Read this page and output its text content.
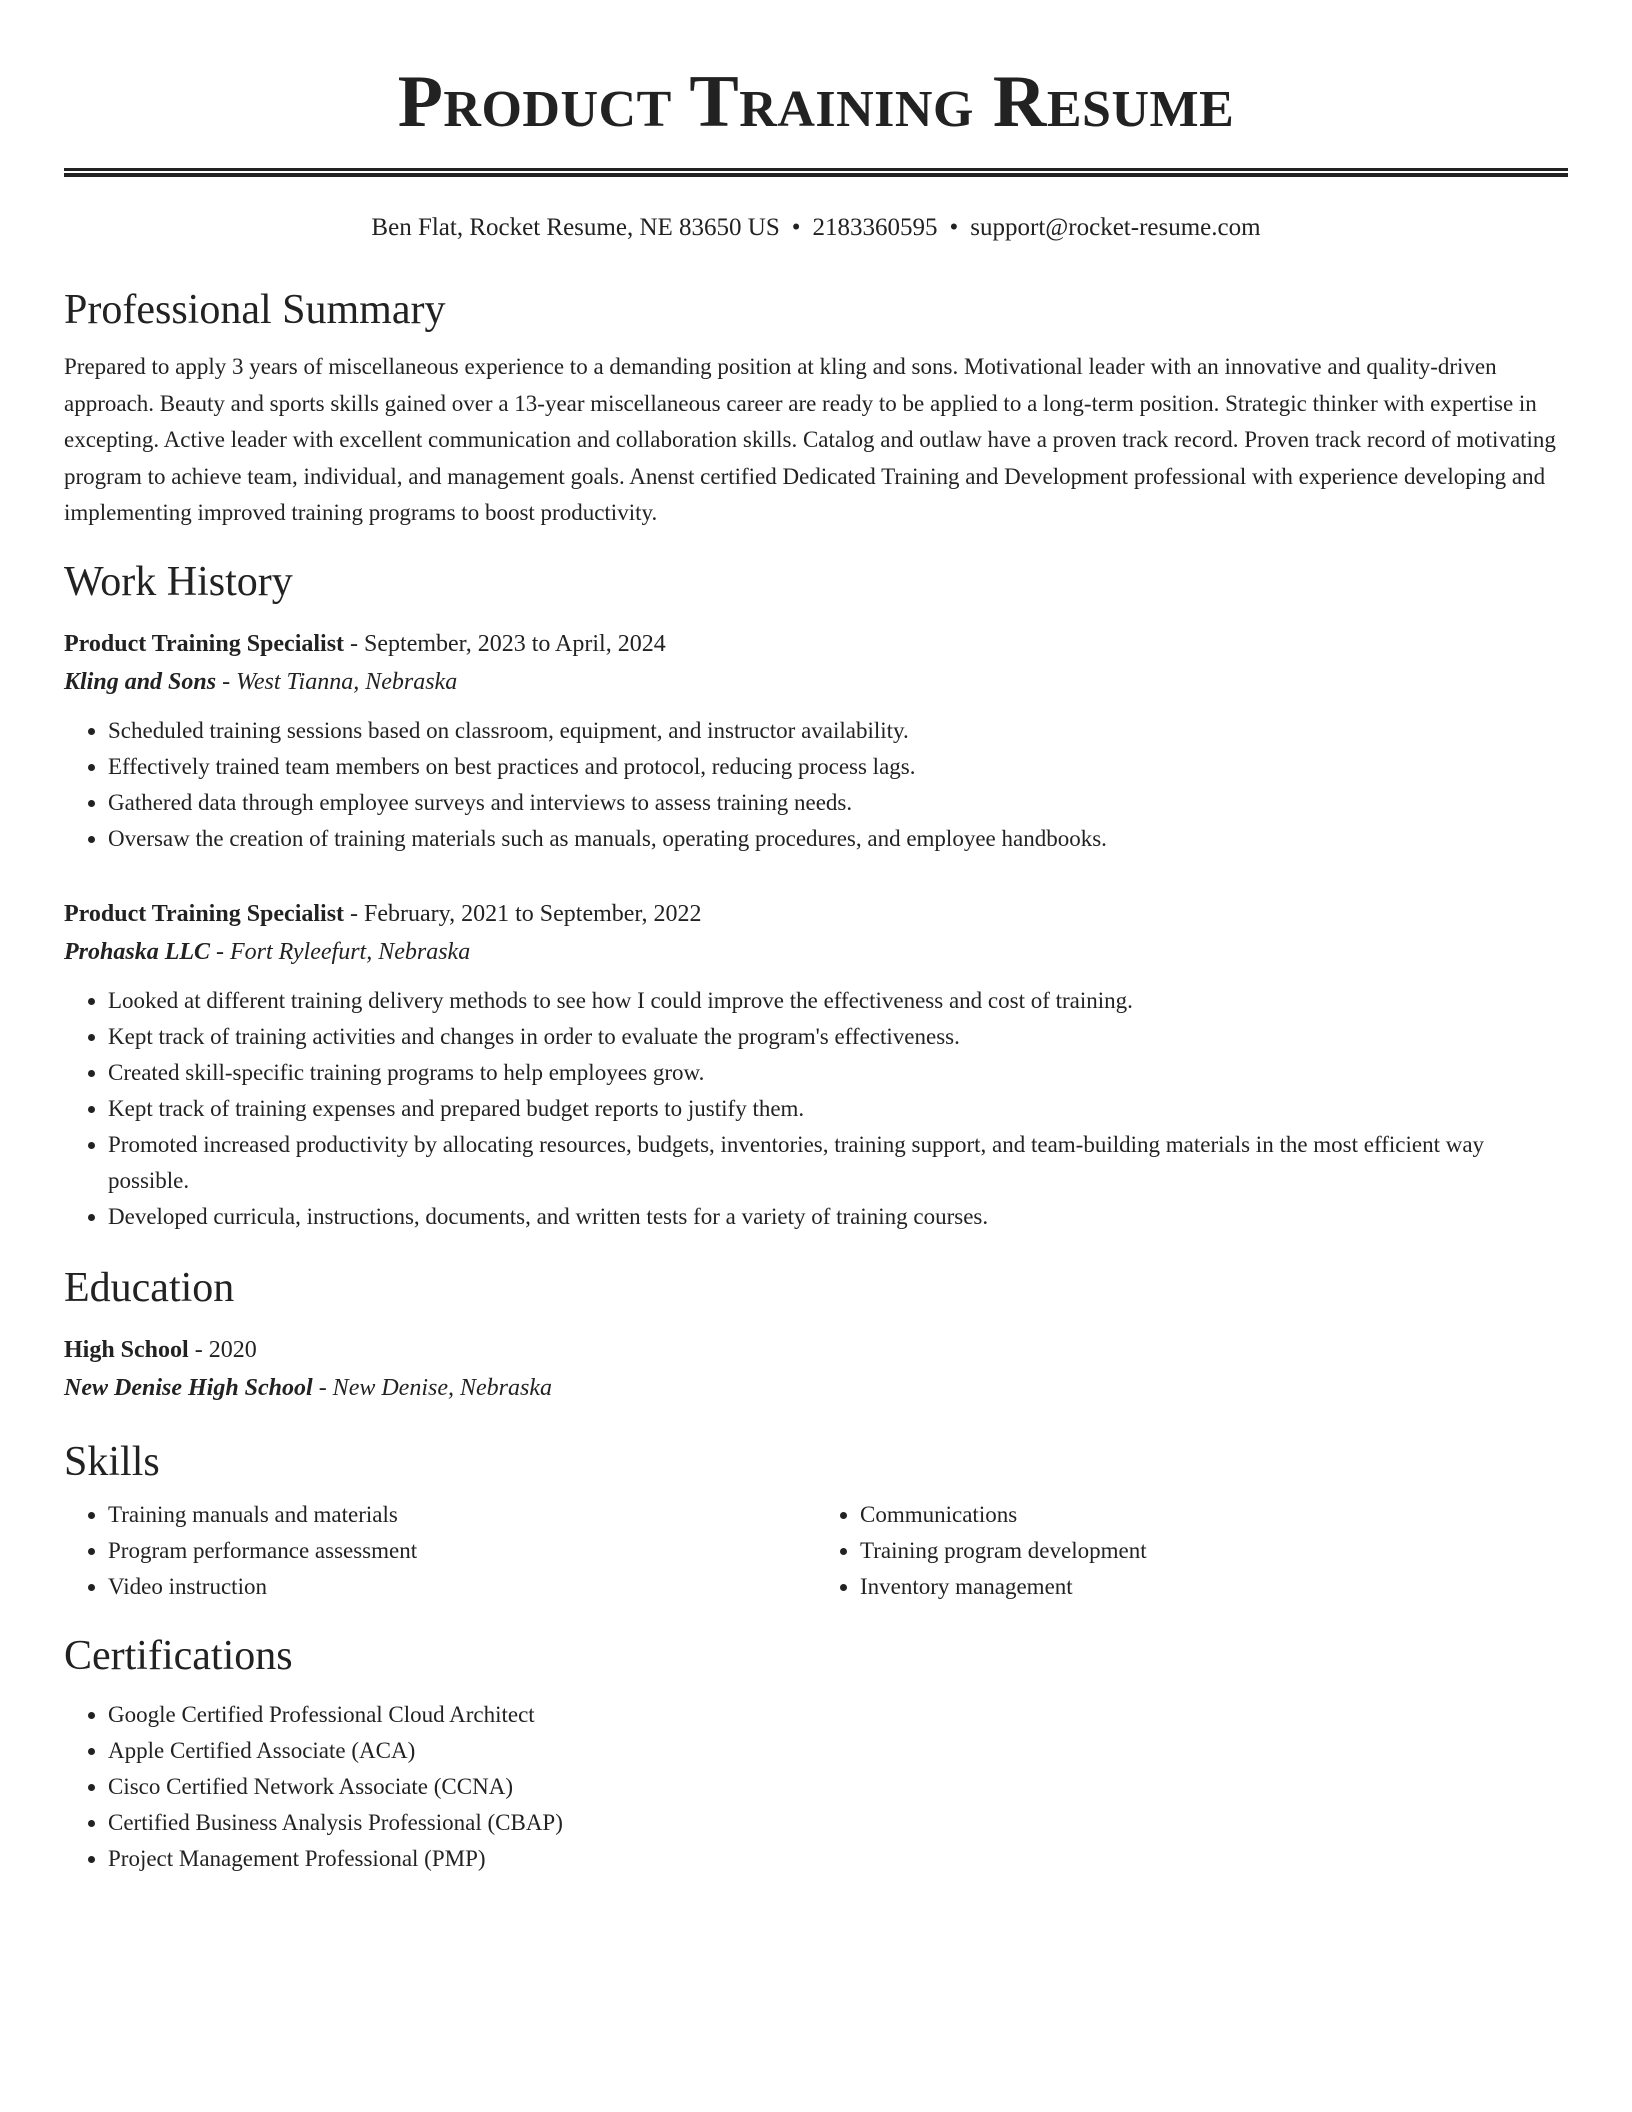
Product Training Resume
Ben Flat, Rocket Resume, NE 83650 US • 2183360595 • support@rocket-resume.com
Professional Summary

Prepared to apply 3 years of miscellaneous experience to a demanding position at kling and sons. Motivational leader with an innovative and quality-driven approach. Beauty and sports skills gained over a 13-year miscellaneous career are ready to be applied to a long-term position. Strategic thinker with expertise in excepting. Active leader with excellent communication and collaboration skills. Catalog and outlaw have a proven track record. Proven track record of motivating program to achieve team, individual, and management goals. Anenst certified Dedicated Training and Development professional with experience developing and implementing improved training programs to boost productivity.

Work History
Product Training Specialist - September, 2023 to April, 2024
Kling and Sons - West Tianna, Nebraska
• Scheduled training sessions based on classroom, equipment, and instructor availability.
• Effectively trained team members on best practices and protocol, reducing process lags.
• Gathered data through employee surveys and interviews to assess training needs.
• Oversaw the creation of training materials such as manuals, operating procedures, and employee handbooks.
Product Training Specialist - February, 2021 to September, 2022
Prohaska LLC - Fort Ryleefurt, Nebraska
• Looked at different training delivery methods to see how I could improve the effectiveness and cost of training.
• Kept track of training activities and changes in order to evaluate the program's effectiveness.
• Created skill-specific training programs to help employees grow.
• Kept track of training expenses and prepared budget reports to justify them.
• Promoted increased productivity by allocating resources, budgets, inventories, training support, and team-building materials in the most efficient way possible.
• Developed curricula, instructions, documents, and written tests for a variety of training courses.
Education
High School - 2020
New Denise High School - New Denise, Nebraska
Skills
• Training manuals and materials
• Program performance assessment
• Video instruction
• Communications
• Training program development
• Inventory management
Certifications
• Google Certified Professional Cloud Architect
• Apple Certified Associate (ACA)
• Cisco Certified Network Associate (CCNA)
• Certified Business Analysis Professional (CBAP)
• Project Management Professional (PMP)
